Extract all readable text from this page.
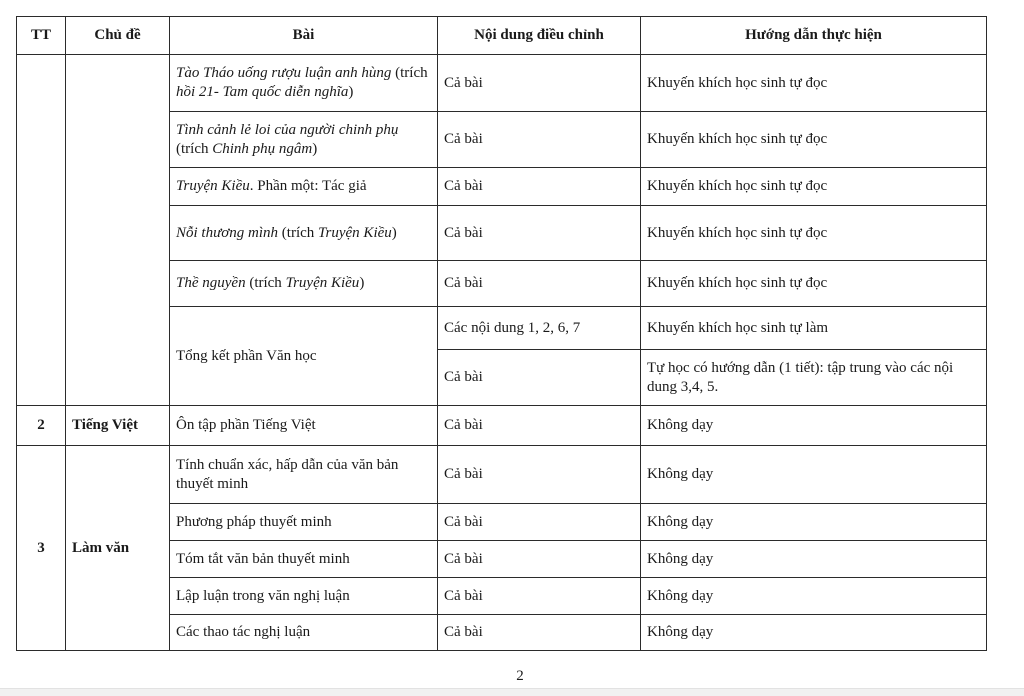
TT	Chủ đề	Bài	Nội dung điều chỉnh	Hướng dẫn thực hiện
		Tào Tháo uống rượu luận anh hùng (trích hồi 21- Tam quốc diễn nghĩa)	Cả bài	Khuyến khích học sinh tự đọc
		Tình cảnh lẻ loi của người chinh phụ (trích Chinh phụ ngâm)	Cả bài	Khuyến khích học sinh tự đọc
		Truyện Kiều. Phần một: Tác giả	Cả bài	Khuyến khích học sinh tự đọc
		Nỗi thương mình (trích Truyện Kiều)	Cả bài	Khuyến khích học sinh tự đọc
		Thề nguyền (trích Truyện Kiều)	Cả bài	Khuyến khích học sinh tự đọc
		Tổng kết phần Văn học	Các nội dung 1, 2, 6, 7	Khuyến khích học sinh tự làm
			Cả bài	Tự học có hướng dẫn (1 tiết): tập trung vào các nội dung 3,4, 5.
2	Tiếng Việt	Ôn tập phần Tiếng Việt	Cả bài	Không dạy
3	Làm văn	Tính chuẩn xác, hấp dẫn của văn bản thuyết minh	Cả bài	Không dạy
		Phương pháp thuyết minh	Cả bài	Không dạy
		Tóm tắt văn bản thuyết minh	Cả bài	Không dạy
		Lập luận trong văn nghị luận	Cả bài	Không dạy
		Các thao tác nghị luận	Cả bài	Không dạy
2
